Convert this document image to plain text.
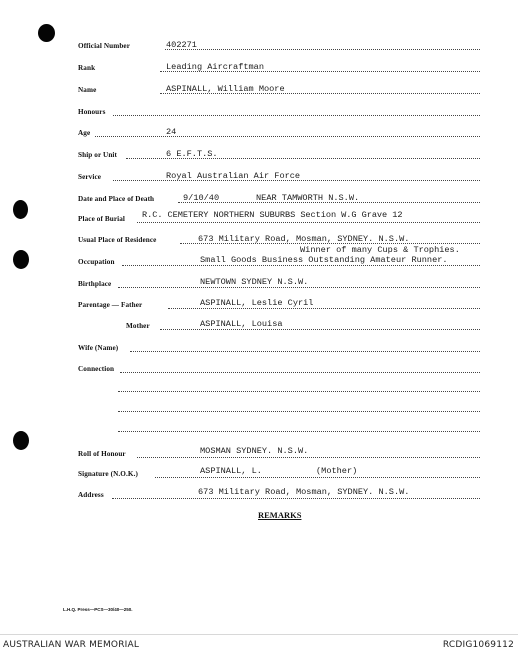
Official Number	402271
Rank	Leading Aircraftman
Name	ASPINALL, William Moore
Honours
Age	24
Ship or Unit	6 E.F.T.S.
Service	Royal Australian Air Force
Date and Place of Death	9/10/40	NEAR TAMWORTH N.S.W.
Place of Burial R.C. CEMETERY NORTHERN SUBURBS Section W.G Grave 12
Usual Place of Residence	673 Military Road, Mosman, SYDNEY. N.S.W.
Winner of many Cups & Trophies.
Occupation	Small Goods Business Outstanding Amateur Runner.
Birthplace	NEWTOWN SYDNEY N.S.W.
Parentage — Father	ASPINALL, Leslie Cyril
Mother	ASPINALL, Louisa
Wife (Name)
Connection
Roll of Honour	MOSMAN SYDNEY. N.S.W.
Signature (N.O.K.)	ASPINALL, L.	(Mother)
Address	673 Military Road, Mosman, SYDNEY. N.S.W.
REMARKS
L.H.Q. Press—PCS—30/40—250.
AUSTRALIAN WAR MEMORIAL	RCDIG1069112
